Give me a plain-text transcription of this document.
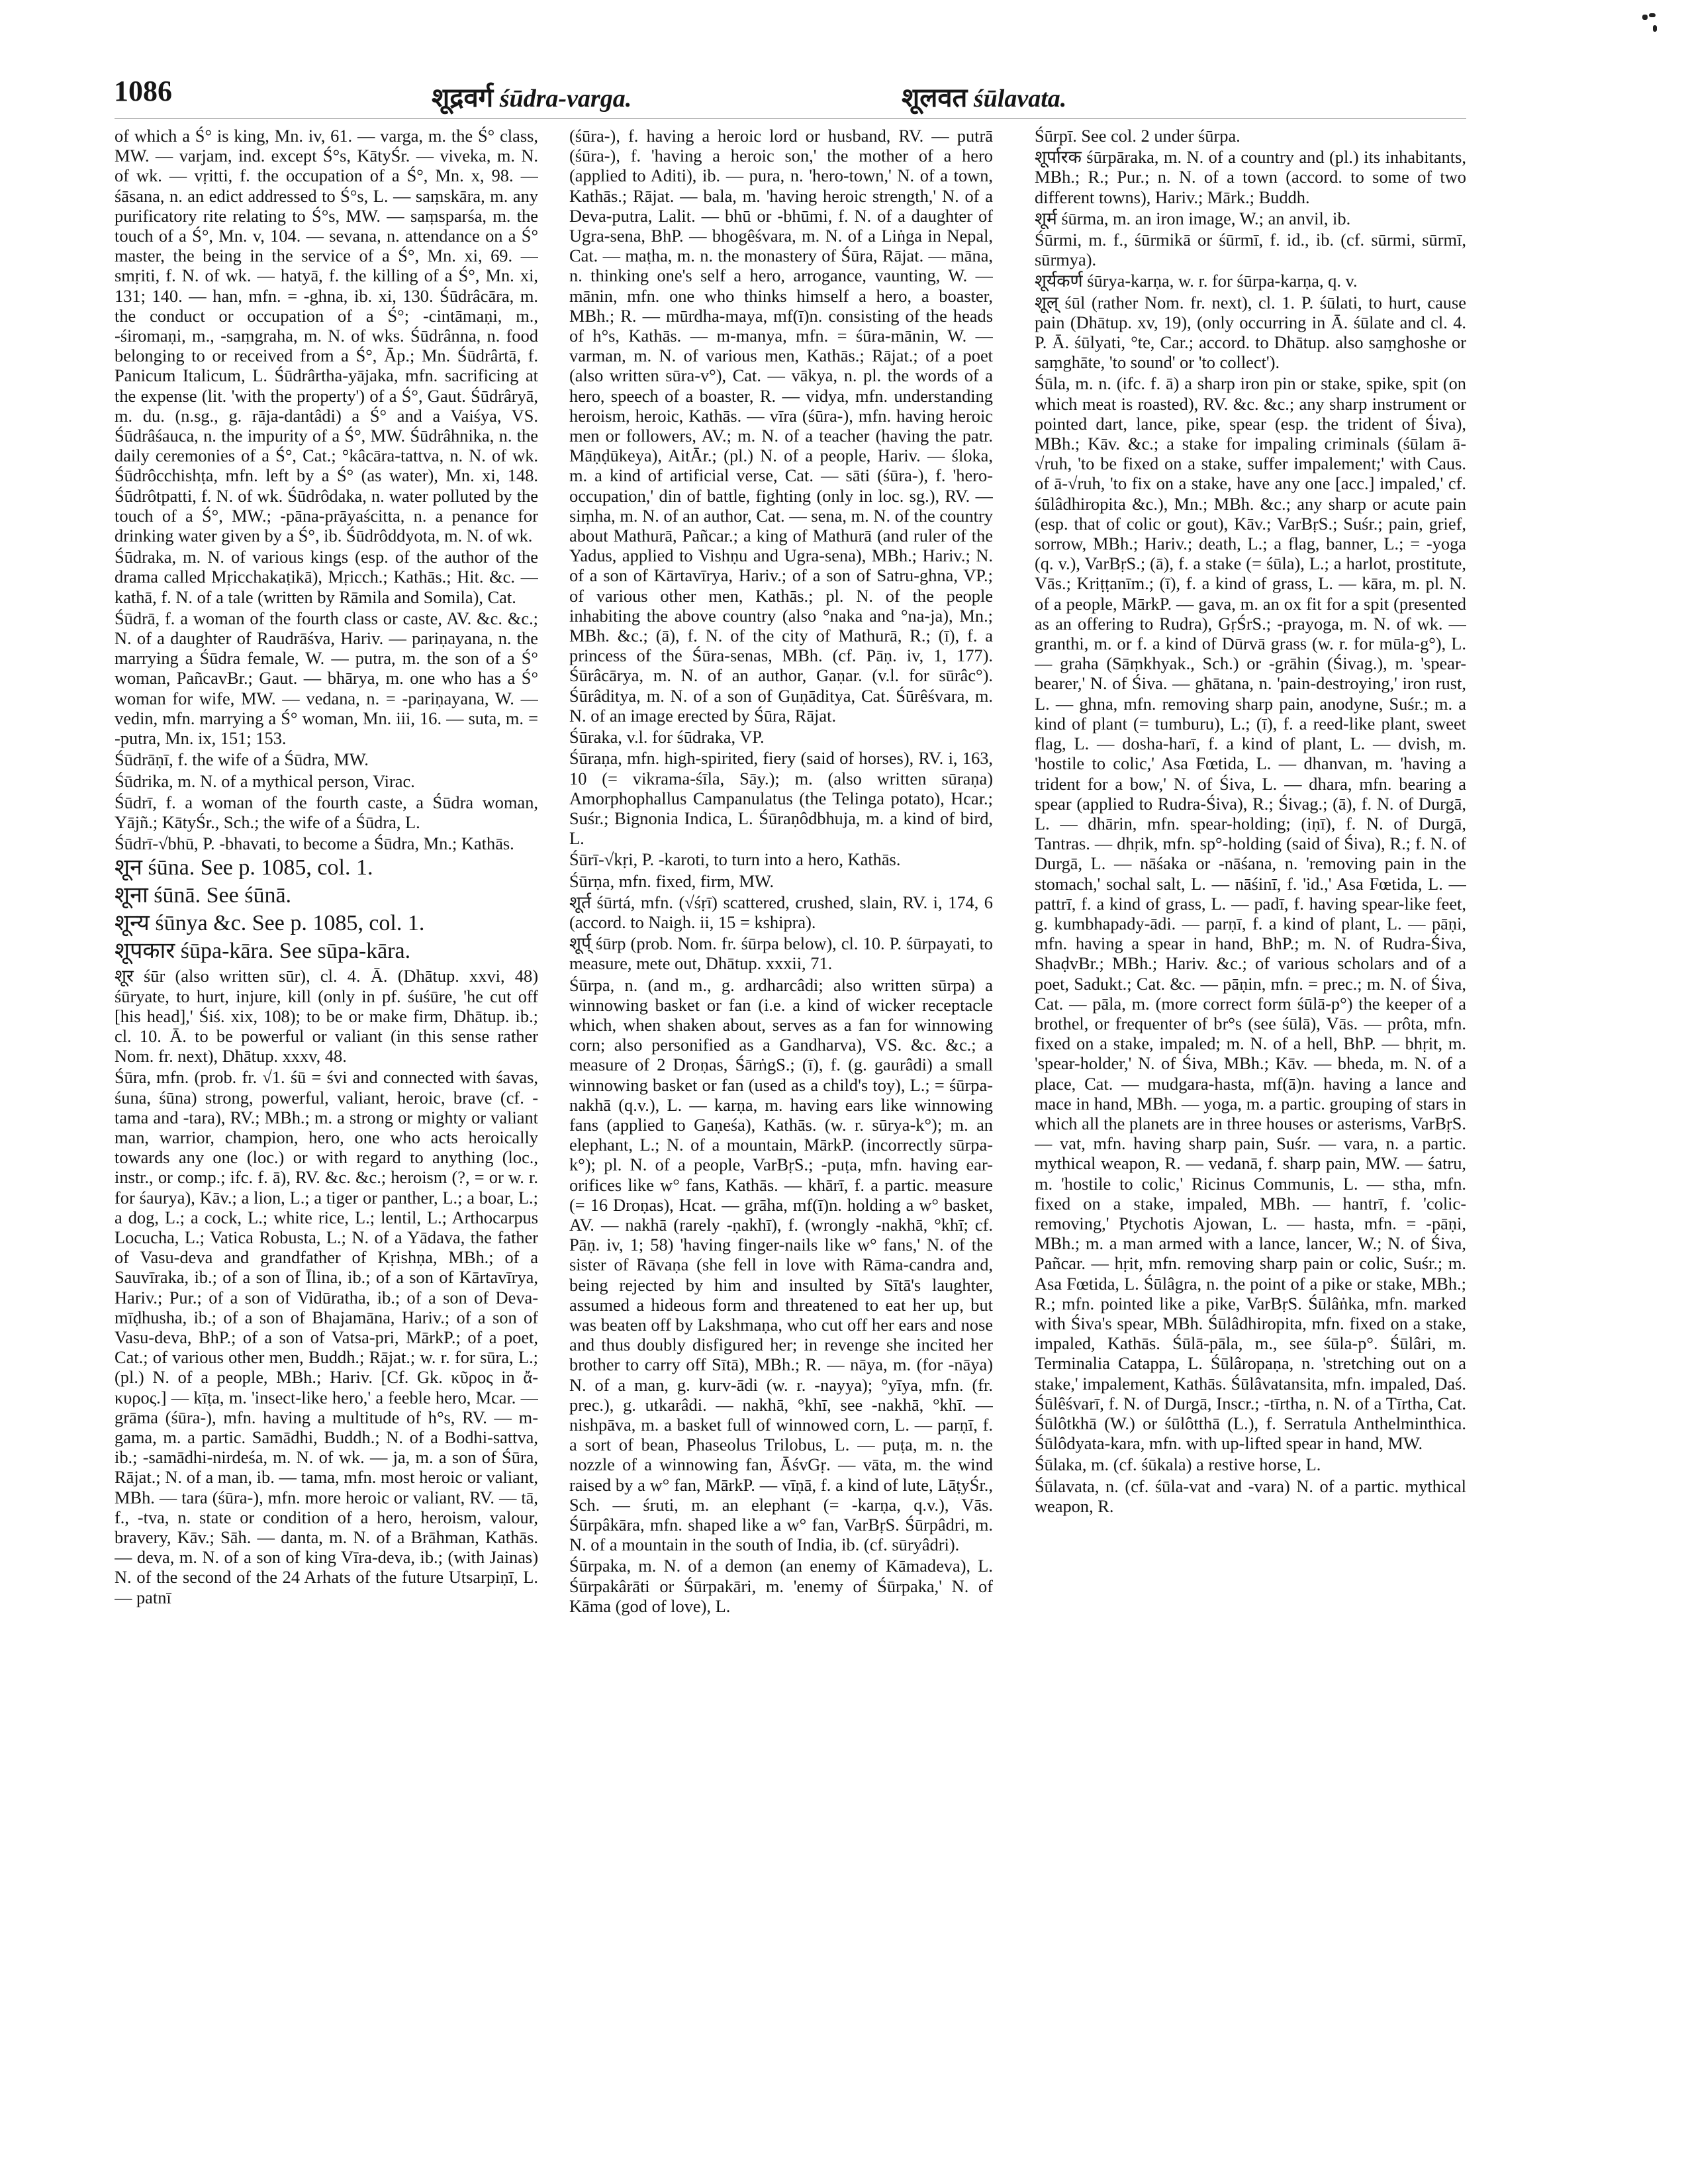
1086	शूद्रवर्ग śūdra-varga.	शूलवत śūlavata.

of which a Ś° is king, Mn. iv, 61. — varga, m. the Ś° class, MW. — varjam, ind. except Ś°s, KātyŚr. — viveka, m. N. of wk. — vṛitti, f. the occupation of a Ś°, Mn. x, 98. — śāsana, n. an edict addressed to Ś°s, L. — saṃskāra, m. any purificatory rite relating to Ś°s, MW. — saṃsparśa, m. the touch of a Ś°, Mn. v, 104. — sevana, n. attendance on a Ś° master, the being in the service of a Ś°, Mn. xi, 69. — smṛiti, f. N. of wk. — hatyā, f. the killing of a Ś°, Mn. xi, 131; 140. — han, mfn. = -ghna, ib. xi, 130. Śūdrâcāra, m. the conduct or occupation of a Ś°; -cintāmaṇi, m., -śiromaṇi, m., -saṃgraha, m. N. of wks. Śūdrânna, n. food belonging to or received from a Ś°, Āp.; Mn. Śūdrârtā, f. Panicum Italicum, L. Śūdrârtha-yājaka, mfn. sacrificing at the expense (lit. 'with the property') of a Ś°, Gaut. Śūdrâryā, m. du. (n.sg., g. rāja-dantâdi) a Ś° and a Vaiśya, VS. Śūdrâśauca, n. the impurity of a Ś°, MW. Śūdrâhnika, n. the daily ceremonies of a Ś°, Cat.; °kâcāra-tattva, n. N. of wk. Śūdrôcchishṭa, mfn. left by a Ś° (as water), Mn. xi, 148. Śūdrôtpatti, f. N. of wk. Śūdrôdaka, n. water polluted by the touch of a Ś°, MW.; -pāna-prāyaścitta, n. a penance for drinking water given by a Ś°, ib. Śūdrôddyota, m. N. of wk.

Śūdraka, m. N. of various kings (esp. of the author of the drama called Mṛicchakaṭikā), Mṛicch.; Kathās.; Hit. &c. — kathā, f. N. of a tale (written by Rāmila and Somila), Cat.

Śūdrā, f. a woman of the fourth class or caste, AV. &c. &c.; N. of a daughter of Raudrāśva, Hariv. — pariṇayana, n. the marrying a Śūdra female, W. — putra, m. the son of a Ś° woman, PañcavBr.; Gaut. — bhārya, m. one who has a Ś° woman for wife, MW. — vedana, n. = -pariṇayana, W. — vedin, mfn. marrying a Ś° woman, Mn. iii, 16. — suta, m. = -putra, Mn. ix, 151; 153.

Śūdrāṇī, f. the wife of a Śūdra, MW.

Śūdrika, m. N. of a mythical person, Virac.

Śūdrī, f. a woman of the fourth caste, a Śūdra woman, Yājñ.; KātyŚr., Sch.; the wife of a Śūdra, L.

Śūdrī-√bhū, P. -bhavati, to become a Śūdra, Mn.; Kathās.

शून śūna. See p. 1085, col. 1.

शूना śūnā. See śūnā.

शून्य śūnya &c. See p. 1085, col. 1.

शूपकार śūpa-kāra. See sūpa-kāra.

शूर śūr (also written sūr), cl. 4. Ā. (Dhātup. xxvi, 48) śūryate, to hurt, injure, kill (only in pf. śuśūre, 'he cut off [his head],' Śiś. xix, 108); to be or make firm, Dhātup. ib.; cl. 10. Ā. to be powerful or valiant (in this sense rather Nom. fr. next), Dhātup. xxxv, 48.

Śūra, mfn. (prob. fr. √1. śū = śvi and connected with śavas, śuna, śūna) strong, powerful, valiant, heroic, brave (cf. -tama and -tara), RV.; MBh.; m. a strong or mighty or valiant man, warrior, champion, hero, one who acts heroically towards any one (loc.) or with regard to anything (loc., instr., or comp.; ifc. f. ā), RV. &c. &c.; heroism (?, = or w. r. for śaurya), Kāv.; a lion, L.; a tiger or panther, L.; a boar, L.; a dog, L.; a cock, L.; white rice, L.; lentil, L.; Arthocarpus Locucha, L.; Vatica Robusta, L.; N. of a Yādava, the father of Vasu-deva and grandfather of Kṛishṇa, MBh.; of a Sauvīraka, ib.; of a son of Īlina, ib.; of a son of Kārtavīrya, Hariv.; Pur.; of a son of Vidūratha, ib.; of a son of Deva-mīḍhusha, ib.; of a son of Bhajamāna, Hariv.; of a son of Vasu-deva, BhP.; of a son of Vatsa-pri, MārkP.; of a poet, Cat.; of various other men, Buddh.; Rājat.; w. r. for sūra, L.; (pl.) N. of a people, MBh.; Hariv. [Cf. Gk. κῦρος in ἄ-κυρος.] — kīṭa, m. 'insect-like hero,' a feeble hero, Mcar. — grāma (śūra-), mfn. having a multitude of h°s, RV. — m-gama, m. a partic. Samādhi, Buddh.; N. of a Bodhi-sattva, ib.; -samādhi-nirdeśa, m. N. of wk. — ja, m. a son of Śūra, Rājat.; N. of a man, ib. — tama, mfn. most heroic or valiant, MBh. — tara (śūra-), mfn. more heroic or valiant, RV. — tā, f., -tva, n. state or condition of a hero, heroism, valour, bravery, Kāv.; Sāh. — danta, m. N. of a Brāhman, Kathās. — deva, m. N. of a son of king Vīra-deva, ib.; (with Jainas) N. of the second of the 24 Arhats of the future Utsarpiṇī, L. — patnī

(śūra-), f. having a heroic lord or husband, RV. — putrā (śūra-), f. 'having a heroic son,' the mother of a hero (applied to Aditi), ib. — pura, n. 'hero-town,' N. of a town, Kathās.; Rājat. — bala, m. 'having heroic strength,' N. of a Deva-putra, Lalit. — bhū or -bhūmi, f. N. of a daughter of Ugra-sena, BhP. — bhogêśvara, m. N. of a Liṅga in Nepal, Cat. — maṭha, m. n. the monastery of Śūra, Rājat. — māna, n. thinking one's self a hero, arrogance, vaunting, W. — mānin, mfn. one who thinks himself a hero, a boaster, MBh.; R. — mūrdha-maya, mf(ī)n. consisting of the heads of h°s, Kathās. — m-manya, mfn. = śūra-mānin, W. — varman, m. N. of various men, Kathās.; Rājat.; of a poet (also written sūra-v°), Cat. — vākya, n. pl. the words of a hero, speech of a boaster, R. — vidya, mfn. understanding heroism, heroic, Kathās. — vīra (śūra-), mfn. having heroic men or followers, AV.; m. N. of a teacher (having the patr. Māṇḍūkeya), AitĀr.; (pl.) N. of a people, Hariv. — śloka, m. a kind of artificial verse, Cat. — sāti (śūra-), f. 'hero-occupation,' din of battle, fighting (only in loc. sg.), RV. — siṃha, m. N. of an author, Cat. — sena, m. N. of the country about Mathurā, Pañcar.; a king of Mathurā (and ruler of the Yadus, applied to Vishṇu and Ugra-sena), MBh.; Hariv.; N. of a son of Kārtavīrya, Hariv.; of a son of Satru-ghna, VP.; of various other men, Kathās.; pl. N. of the people inhabiting the above country (also °naka and °na-ja), Mn.; MBh. &c.; (ā), f. N. of the city of Mathurā, R.; (ī), f. a princess of the Śūra-senas, MBh. (cf. Pāṇ. iv, 1, 177). Śūrâcārya, m. N. of an author, Gaṇar. (v.l. for sūrâc°). Śūrâditya, m. N. of a son of Guṇāditya, Cat. Śūrêśvara, m. N. of an image erected by Śūra, Rājat.

Śūraka, v.l. for śūdraka, VP.

Śūraṇa, mfn. high-spirited, fiery (said of horses), RV. i, 163, 10 (= vikrama-śīla, Sāy.); m. (also written sūraṇa) Amorphophallus Campanulatus (the Telinga potato), Hcar.; Suśr.; Bignonia Indica, L. Śūraṇôdbhuja, m. a kind of bird, L.

Śūrī-√kṛi, P. -karoti, to turn into a hero, Kathās.

Śūrṇa, mfn. fixed, firm, MW.

शूर्त śūrtá, mfn. (√śṛī) scattered, crushed, slain, RV. i, 174, 6 (accord. to Naigh. ii, 15 = kshipra).

शूर्प् śūrp (prob. Nom. fr. śūrpa below), cl. 10. P. śūrpayati, to measure, mete out, Dhātup. xxxii, 71.

Śūrpa, n. (and m., g. ardharcâdi; also written sūrpa) a winnowing basket or fan (i.e. a kind of wicker receptacle which, when shaken about, serves as a fan for winnowing corn; also personified as a Gandharva), VS. &c. &c.; a measure of 2 Droṇas, ŚārṅgS.; (ī), f. (g. gaurâdi) a small winnowing basket or fan (used as a child's toy), L.; = śūrpa-nakhā (q.v.), L. — karṇa, m. having ears like winnowing fans (applied to Gaṇeśa), Kathās. (w. r. sūrya-k°); m. an elephant, L.; N. of a mountain, MārkP. (incorrectly sūrpa-k°); pl. N. of a people, VarBṛS.; -puṭa, mfn. having ear-orifices like w° fans, Kathās. — khārī, f. a partic. measure (= 16 Droṇas), Hcat. — grāha, mf(ī)n. holding a w° basket, AV. — nakhā (rarely -ṇakhī), f. (wrongly -nakhā, °khī; cf. Pāṇ. iv, 1; 58) 'having finger-nails like w° fans,' N. of the sister of Rāvaṇa (she fell in love with Rāma-candra and, being rejected by him and insulted by Sītā's laughter, assumed a hideous form and threatened to eat her up, but was beaten off by Lakshmaṇa, who cut off her ears and nose and thus doubly disfigured her; in revenge she incited her brother to carry off Sītā), MBh.; R. — nāya, m. (for -nāya) N. of a man, g. kurv-ādi (w. r. -nayya); °yīya, mfn. (fr. prec.), g. utkarâdi. — nakhā, °khī, see -nakhā, °khī. — nishpāva, m. a basket full of winnowed corn, L. — parṇī, f. a sort of bean, Phaseolus Trilobus, L. — puṭa, m. n. the nozzle of a winnowing fan, ĀśvGṛ. — vāta, m. the wind raised by a w° fan, MārkP. — vīṇā, f. a kind of lute, LāṭyŚr., Sch. — śruti, m. an elephant (= -karṇa, q.v.), Vās. Śūrpâkāra, mfn. shaped like a w° fan, VarBṛS. Śūrpâdri, m. N. of a mountain in the south of India, ib. (cf. sūryâdri).

Śūrpaka, m. N. of a demon (an enemy of Kāmadeva), L. Śūrpakârāti or Śūrpakāri, m. 'enemy of Śūrpaka,' N. of Kāma (god of love), L.

Śūrpī. See col. 2 under śūrpa.

शूर्पारक śūrpāraka, m. N. of a country and (pl.) its inhabitants, MBh.; R.; Pur.; n. N. of a town (accord. to some of two different towns), Hariv.; Mārk.; Buddh.

शूर्म śūrma, m. an iron image, W.; an anvil, ib.

Śūrmi, m. f., śūrmikā or śūrmī, f. id., ib. (cf. sūrmi, sūrmī, sūrmya).

शूर्यकर्ण śūrya-karṇa, w. r. for śūrpa-karṇa, q. v.

शूल् śūl (rather Nom. fr. next), cl. 1. P. śūlati, to hurt, cause pain (Dhātup. xv, 19), (only occurring in Ā. śūlate and cl. 4. P. Ā. śūlyati, °te, Car.; accord. to Dhātup. also saṃghoshe or saṃghāte, 'to sound' or 'to collect').

Śūla, m. n. (ifc. f. ā) a sharp iron pin or stake, spike, spit (on which meat is roasted), RV. &c. &c.; any sharp instrument or pointed dart, lance, pike, spear (esp. the trident of Śiva), MBh.; Kāv. &c.; a stake for impaling criminals (śūlam ā-√ruh, 'to be fixed on a stake, suffer impalement;' with Caus. of ā-√ruh, 'to fix on a stake, have any one [acc.] impaled,' cf. śūlâdhiropita &c.), Mn.; MBh. &c.; any sharp or acute pain (esp. that of colic or gout), Kāv.; VarBṛS.; Suśr.; pain, grief, sorrow, MBh.; Hariv.; death, L.; a flag, banner, L.; = -yoga (q. v.), VarBṛS.; (ā), f. a stake (= śūla), L.; a harlot, prostitute, Vās.; Kriṭṭanīm.; (ī), f. a kind of grass, L. — kāra, m. pl. N. of a people, MārkP. — gava, m. an ox fit for a spit (presented as an offering to Rudra), GṛŚrS.; -prayoga, m. N. of wk. — granthi, m. or f. a kind of Dūrvā grass (w. r. for mūla-g°), L. — graha (Sāṃkhyak., Sch.) or -grāhin (Śivag.), m. 'spear-bearer,' N. of Śiva. — ghātana, n. 'pain-destroying,' iron rust, L. — ghna, mfn. removing sharp pain, anodyne, Suśr.; m. a kind of plant (= tumburu), L.; (ī), f. a reed-like plant, sweet flag, L. — dosha-harī, f. a kind of plant, L. — dvish, m. 'hostile to colic,' Asa Fœtida, L. — dhanvan, m. 'having a trident for a bow,' N. of Śiva, L. — dhara, mfn. bearing a spear (applied to Rudra-Śiva), R.; Śivag.; (ā), f. N. of Durgā, L. — dhārin, mfn. spear-holding; (iṇī), f. N. of Durgā, Tantras. — dhṛik, mfn. sp°-holding (said of Śiva), R.; f. N. of Durgā, L. — nāśaka or -nāśana, n. 'removing pain in the stomach,' sochal salt, L. — nāśinī, f. 'id.,' Asa Fœtida, L. — pattrī, f. a kind of grass, L. — padī, f. having spear-like feet, g. kumbhapady-ādi. — parṇī, f. a kind of plant, L. — pāṇi, mfn. having a spear in hand, BhP.; m. N. of Rudra-Śiva, ShaḍvBr.; MBh.; Hariv. &c.; of various scholars and of a poet, Sadukt.; Cat. &c. — pāṇin, mfn. = prec.; m. N. of Śiva, Cat. — pāla, m. (more correct form śūlā-p°) the keeper of a brothel, or frequenter of br°s (see śūlā), Vās. — prôta, mfn. fixed on a stake, impaled; m. N. of a hell, BhP. — bhṛit, m. 'spear-holder,' N. of Śiva, MBh.; Kāv. — bheda, m. N. of a place, Cat. — mudgara-hasta, mf(ā)n. having a lance and mace in hand, MBh. — yoga, m. a partic. grouping of stars in which all the planets are in three houses or asterisms, VarBṛS. — vat, mfn. having sharp pain, Suśr. — vara, n. a partic. mythical weapon, R. — vedanā, f. sharp pain, MW. — śatru, m. 'hostile to colic,' Ricinus Communis, L. — stha, mfn. fixed on a stake, impaled, MBh. — hantrī, f. 'colic-removing,' Ptychotis Ajowan, L. — hasta, mfn. = -pāṇi, MBh.; m. a man armed with a lance, lancer, W.; N. of Śiva, Pañcar. — hṛit, mfn. removing sharp pain or colic, Suśr.; m. Asa Fœtida, L. Śūlâgra, n. the point of a pike or stake, MBh.; R.; mfn. pointed like a pike, VarBṛS. Śūlâṅka, mfn. marked with Śiva's spear, MBh. Śūlâdhiropita, mfn. fixed on a stake, impaled, Kathās. Śūlā-pāla, m., see śūla-p°. Śūlâri, m. Terminalia Catappa, L. Śūlâropaṇa, n. 'stretching out on a stake,' impalement, Kathās. Śūlâvatansita, mfn. impaled, Daś. Śūlêśvarī, f. N. of Durgā, Inscr.; -tīrtha, n. N. of a Tīrtha, Cat. Śūlôtkhā (W.) or śūlôtthā (L.), f. Serratula Anthelminthica. Śūlôdyata-kara, mfn. with up-lifted spear in hand, MW.

Śūlaka, m. (cf. śūkala) a restive horse, L.

Śūlavata, n. (cf. śūla-vat and -vara) N. of a partic. mythical weapon, R.
